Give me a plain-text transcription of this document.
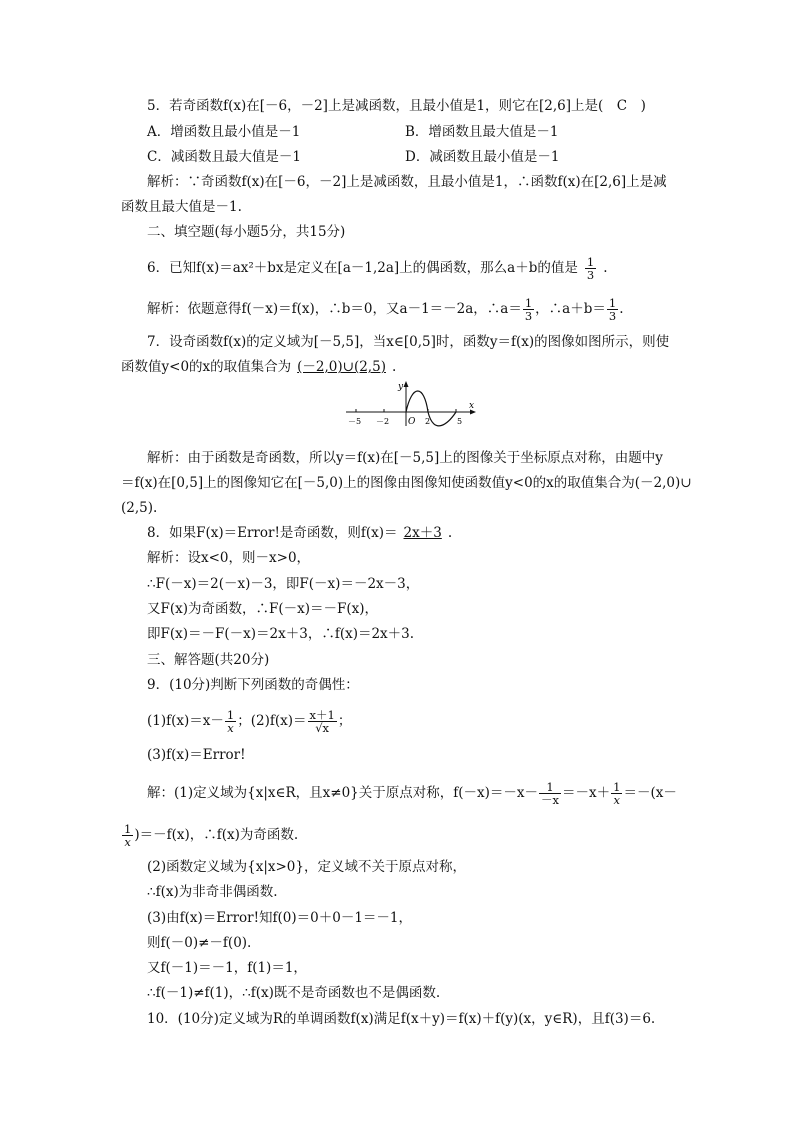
5．若奇函数f(x)在[－6，－2]上是减函数，且最小值是1，则它在[2,6]上是(　C　)
A．增函数且最小值是－1	B．增函数且最大值是－1
C．减函数且最大值是－1	D．减函数且最小值是－1
解析：∵奇函数f(x)在[－6，－2]上是减函数，且最小值是1，∴函数f(x)在[2,6]上是减
函数且最大值是－1.
二、填空题(每小题5分，共15分)
6．已知f(x)＝ax²＋bx是定义在[a－1,2a]上的偶函数，那么a＋b的值是 $\frac{1}{3}$ .
解析：依题意得f(－x)＝f(x)，∴b＝0，又a－1＝－2a，∴a＝ $\frac{1}{3}$ ，∴a＋b＝ $\frac{1}{3}$ .
7．设奇函数f(x)的定义域为[－5,5]，当x∈[0,5]时，函数y＝f(x)的图像如图所示，则使
函数值y<0的x的取值集合为 (－2,0)∪(2,5) .
y
x
O
－5 －2	2	5
解析：由于函数是奇函数，所以y＝f(x)在[－5,5]上的图像关于坐标原点对称，由题中y
＝f(x)在[0,5]上的图像知它在[－5,0)上的图像由图像知使函数值y<0的x的取值集合为(－2,0)∪
(2,5).
8．如果F(x)＝Error!是奇函数，则f(x)＝ 2x＋3 .
解析：设x<0，则－x>0，
∴F(－x)＝2(－x)－3，即F(－x)＝－2x－3，
又F(x)为奇函数，∴F(－x)＝－F(x)，
即F(x)＝－F(－x)＝2x＋3，∴f(x)＝2x＋3.
三、解答题(共20分)
9．(10分)判断下列函数的奇偶性：
$(1)f(x)=x- \frac{1}{x}$ ；$(2)f(x)= \frac{x+1}{√x}$ ；
(3)f(x)＝Error!
解：(1)定义域为{x|x∈R，且x≠0}关于原点对称，$f(-x)=-x- \frac{1}{-x} =-x+ \frac{1}{x} =-(x-$
$\frac{1}{x} )=-f(x)$，∴f(x)为奇函数.
(2)函数定义域为{x|x>0}，定义域不关于原点对称，
∴f(x)为非奇非偶函数.
(3)由f(x)＝Error!知f(0)＝0＋0－1＝－1，
则f(－0)≠－f(0).
又f(－1)＝－1，f(1)＝1，
∴f(－1)≠f(1)，∴f(x)既不是奇函数也不是偶函数.
10．(10分)定义域为R的单调函数f(x)满足f(x＋y)＝f(x)＋f(y)(x，y∈R)，且f(3)＝6.
